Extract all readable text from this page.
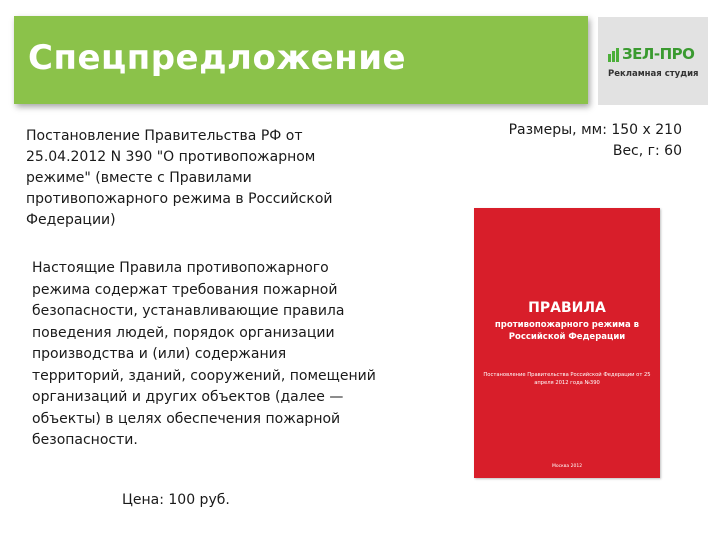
Спецпредложение	ЗЕЛ-ПРО
Рекламная студия
Постановление Правительства РФ от 25.04.2012 N 390 "О противопожарном режиме" (вместе с Правилами противопожарного режима в Российской Федерации)
Настоящие Правила противопожарного режима содержат требования пожарной безопасности, устанавливающие правила поведения людей, порядок организации производства и (или) содержания территорий, зданий, сооружений, помещений организаций и других объектов (далее — объекты) в целях обеспечения пожарной безопасности.
Цена: 100 руб.
Размеры, мм: 150 х 210
Вес, г: 60
ПРАВИЛА
противопожарного режима в Российской Федерации
Постановление Правительства Российской Федерации от 25 апреля 2012 года №390
Москва 2012
